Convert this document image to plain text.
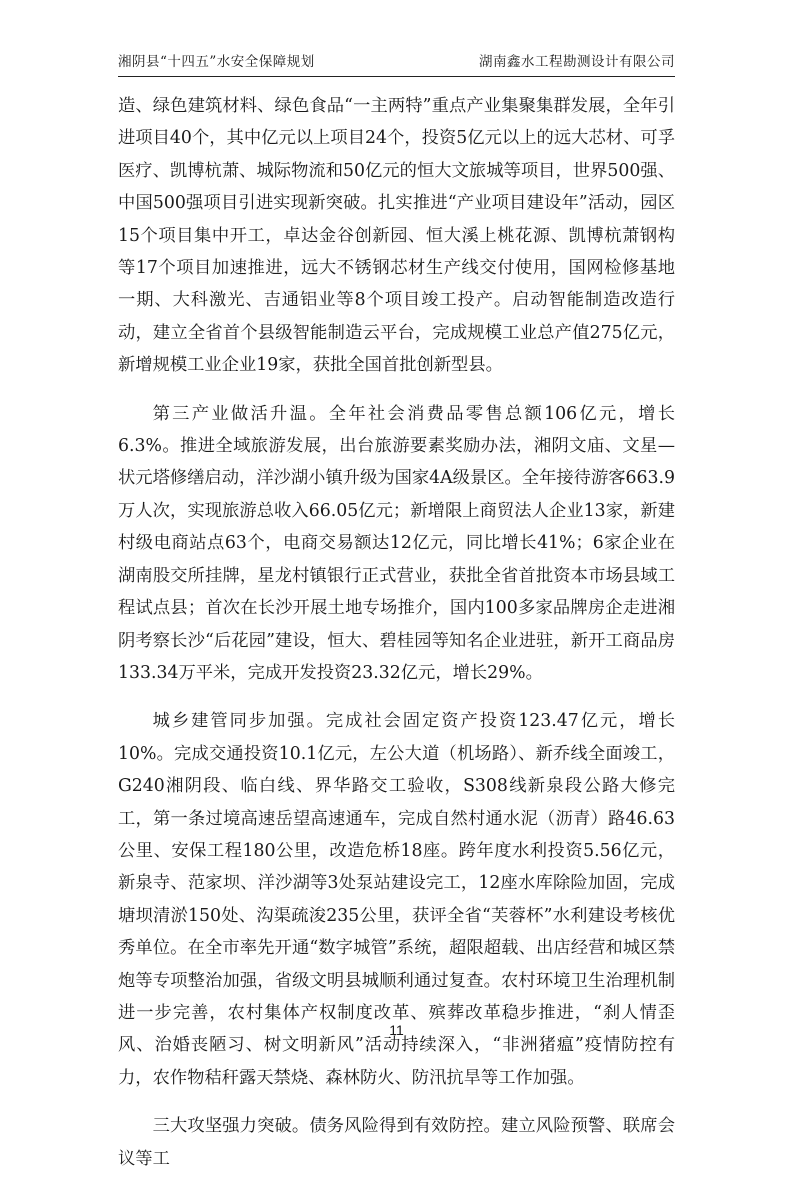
湘阴县“十四五”水安全保障规划	湖南鑫水工程勘测设计有限公司

造、绿色建筑材料、绿色食品“一主两特”重点产业集聚集群发展，全年引进项目40个，其中亿元以上项目24个，投资5亿元以上的远大芯材、可孚医疗、凯博杭萧、城际物流和50亿元的恒大文旅城等项目，世界500强、中国500强项目引进实现新突破。扎实推进“产业项目建设年”活动，园区15个项目集中开工，卓达金谷创新园、恒大溪上桃花源、凯博杭萧钢构等17个项目加速推进，远大不锈钢芯材生产线交付使用，国网检修基地一期、大科激光、吉通铝业等8个项目竣工投产。启动智能制造改造行动，建立全省首个县级智能制造云平台，完成规模工业总产值275亿元，新增规模工业企业19家，获批全国首批创新型县。

第三产业做活升温。全年社会消费品零售总额106亿元，增长6.3%。推进全域旅游发展，出台旅游要素奖励办法，湘阴文庙、文星—状元塔修缮启动，洋沙湖小镇升级为国家4A级景区。全年接待游客663.9万人次，实现旅游总收入66.05亿元；新增限上商贸法人企业13家，新建村级电商站点63个，电商交易额达12亿元，同比增长41%；6家企业在湖南股交所挂牌，星龙村镇银行正式营业，获批全省首批资本市场县域工程试点县；首次在长沙开展土地专场推介，国内100多家品牌房企走进湘阴考察长沙“后花园”建设，恒大、碧桂园等知名企业进驻，新开工商品房133.34万平米，完成开发投资23.32亿元，增长29%。

城乡建管同步加强。完成社会固定资产投资123.47亿元，增长10%。完成交通投资10.1亿元，左公大道（机场路）、新乔线全面竣工，G240湘阴段、临白线、界华路交工验收，S308线新泉段公路大修完工，第一条过境高速岳望高速通车，完成自然村通水泥（沥青）路46.63公里、安保工程180公里，改造危桥18座。跨年度水利投资5.56亿元，新泉寺、范家坝、洋沙湖等3处泵站建设完工，12座水库除险加固，完成塘坝清淤150处、沟渠疏浚235公里，获评全省“芙蓉杯”水利建设考核优秀单位。在全市率先开通“数字城管”系统，超限超载、出店经营和城区禁炮等专项整治加强，省级文明县城顺利通过复查。农村环境卫生治理机制进一步完善，农村集体产权制度改革、殡葬改革稳步推进，“刹人情歪风、治婚丧陋习、树文明新风”活动持续深入，“非洲猪瘟”疫情防控有力，农作物秸秆露天禁烧、森林防火、防汛抗旱等工作加强。

三大攻坚强力突破。债务风险得到有效防控。建立风险预警、联席会议等工

11
